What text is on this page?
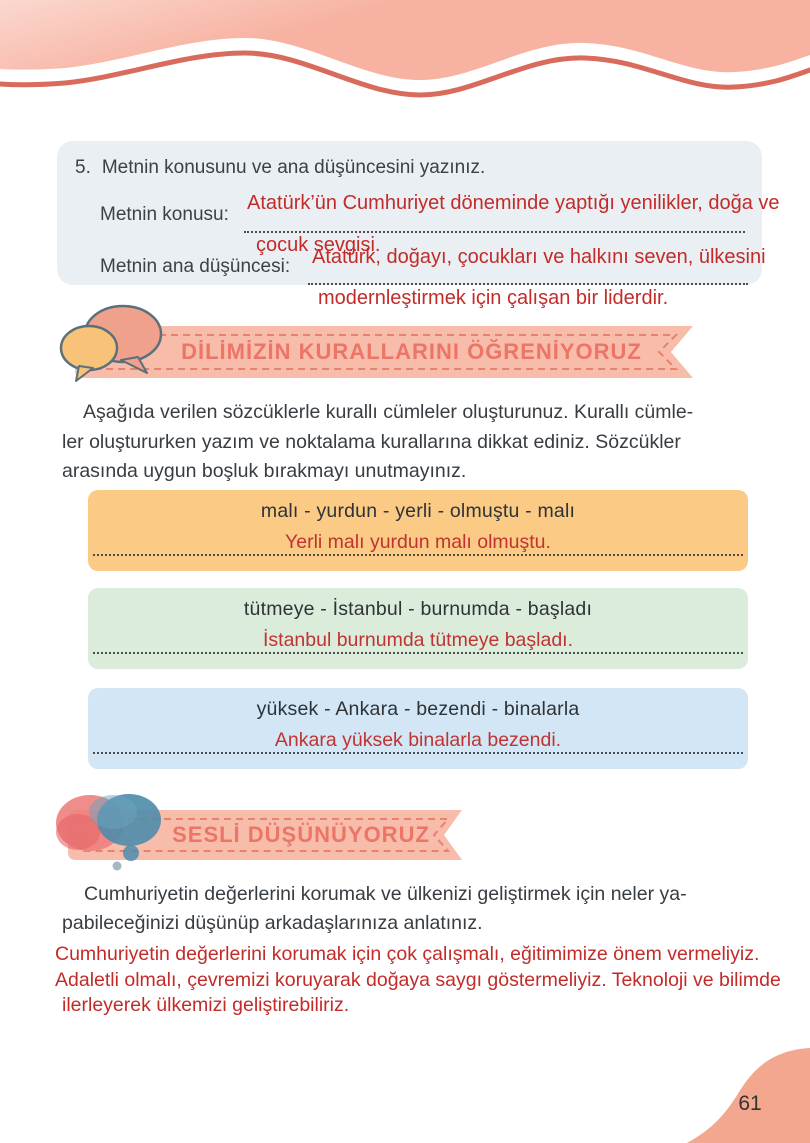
5. Metnin konusunu ve ana düşüncesini yazınız.
Metnin konusu:
Atatürk’ün Cumhuriyet döneminde yaptığı yenilikler, doğa ve
çocuk sevgisi.
Metnin ana düşüncesi: Atatürk, doğayı, çocukları ve halkını seven, ülkesini
modernleştirmek için çalışan bir liderdir.
DİLİMİZİN KURALLARINI ÖĞRENİYORUZ
Aşağıda verilen sözcüklerle kurallı cümleler oluşturunuz. Kurallı cümle-
ler oluştururken yazım ve noktalama kurallarına dikkat ediniz. Sözcükler
arasında uygun boşluk bırakmayı unutmayınız.
malı - yurdun - yerli - olmuştu - malı
Yerli malı yurdun malı olmuştu.
tütmeye - İstanbul - burnumda - başladı
İstanbul burnumda tütmeye başladı.
yüksek - Ankara - bezendi - binalarla
Ankara yüksek binalarla bezendi.
SESLİ DÜŞÜNÜYORUZ
Cumhuriyetin değerlerini korumak ve ülkenizi geliştirmek için neler ya-
pabileceğinizi düşünüp arkadaşlarınıza anlatınız.
Cumhuriyetin değerlerini korumak için çok çalışmalı, eğitimimize önem vermeliyiz.
Adaletli olmalı, çevremizi koruyarak doğaya saygı göstermeliyiz. Teknoloji ve bilimde
ilerleyerek ülkemizi geliştirebiliriz.
61
